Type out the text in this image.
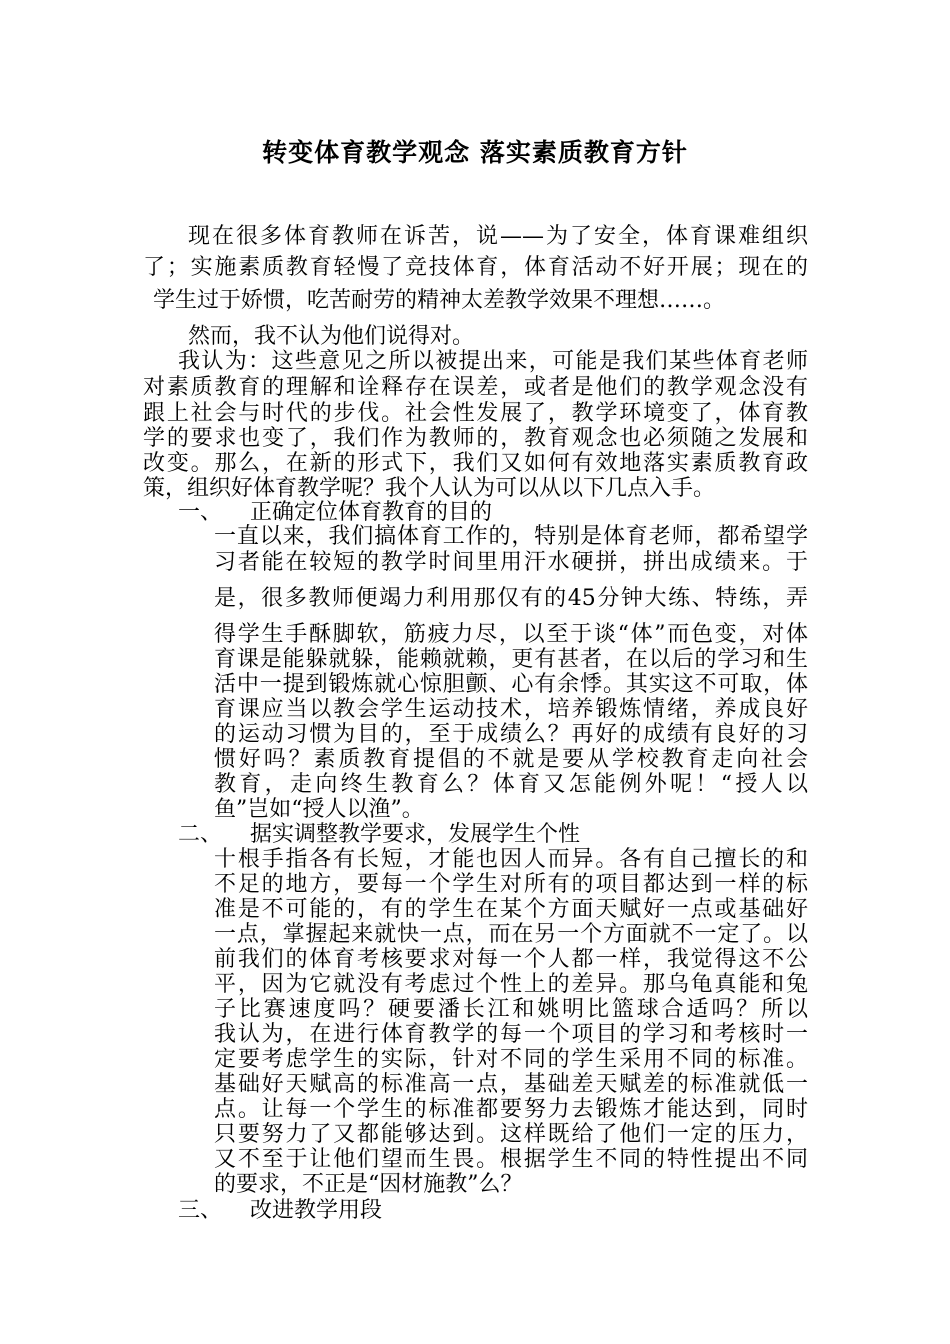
转变体育教学观念 落实素质教育方针
现在很多体育教师在诉苦，说——为了安全，体育课难组织
了；实施素质教育轻慢了竞技体育，体育活动不好开展；现在的
学生过于娇惯，吃苦耐劳的精神太差教学效果不理想……。
然而，我不认为他们说得对。
我认为：这些意见之所以被提出来，可能是我们某些体育老师
对素质教育的理解和诠释存在误差，或者是他们的教学观念没有
跟上社会与时代的步伐。社会性发展了，教学环境变了，体育教
学的要求也变了，我们作为教师的，教育观念也必须随之发展和
改变。那么，在新的形式下，我们又如何有效地落实素质教育政
策，组织好体育教学呢？我个人认为可以从以下几点入手。
一、    正确定位体育教育的目的
一直以来，我们搞体育工作的，特别是体育老师，都希望学
习者能在较短的教学时间里用汗水硬拼，拼出成绩来。于
是，很多教师便竭力利用那仅有的45分钟大练、特练，弄
得学生手酥脚软，筋疲力尽，以至于谈“体”而色变，对体
育课是能躲就躲，能赖就赖，更有甚者，在以后的学习和生
活中一提到锻炼就心惊胆颤、心有余悸。其实这不可取，体
育课应当以教会学生运动技术，培养锻炼情绪，养成良好
的运动习惯为目的，至于成绩么？再好的成绩有良好的习
惯好吗？素质教育提倡的不就是要从学校教育走向社会
教育，走向终生教育么？体育又怎能例外呢！“授人以
鱼”岂如“授人以渔”。
二、    据实调整教学要求，发展学生个性
十根手指各有长短，才能也因人而异。各有自己擅长的和
不足的地方，要每一个学生对所有的项目都达到一样的标
准是不可能的，有的学生在某个方面天赋好一点或基础好
一点，掌握起来就快一点，而在另一个方面就不一定了。以
前我们的体育考核要求对每一个人都一样，我觉得这不公
平，因为它就没有考虑过个性上的差异。那乌龟真能和兔
子比赛速度吗？硬要潘长江和姚明比篮球合适吗？所以
我认为，在进行体育教学的每一个项目的学习和考核时一
定要考虑学生的实际，针对不同的学生采用不同的标准。
基础好天赋高的标准高一点，基础差天赋差的标准就低一
点。让每一个学生的标准都要努力去锻炼才能达到，同时
只要努力了又都能够达到。这样既给了他们一定的压力，
又不至于让他们望而生畏。根据学生不同的特性提出不同
的要求，不正是“因材施教”么？
三、    改进教学用段
